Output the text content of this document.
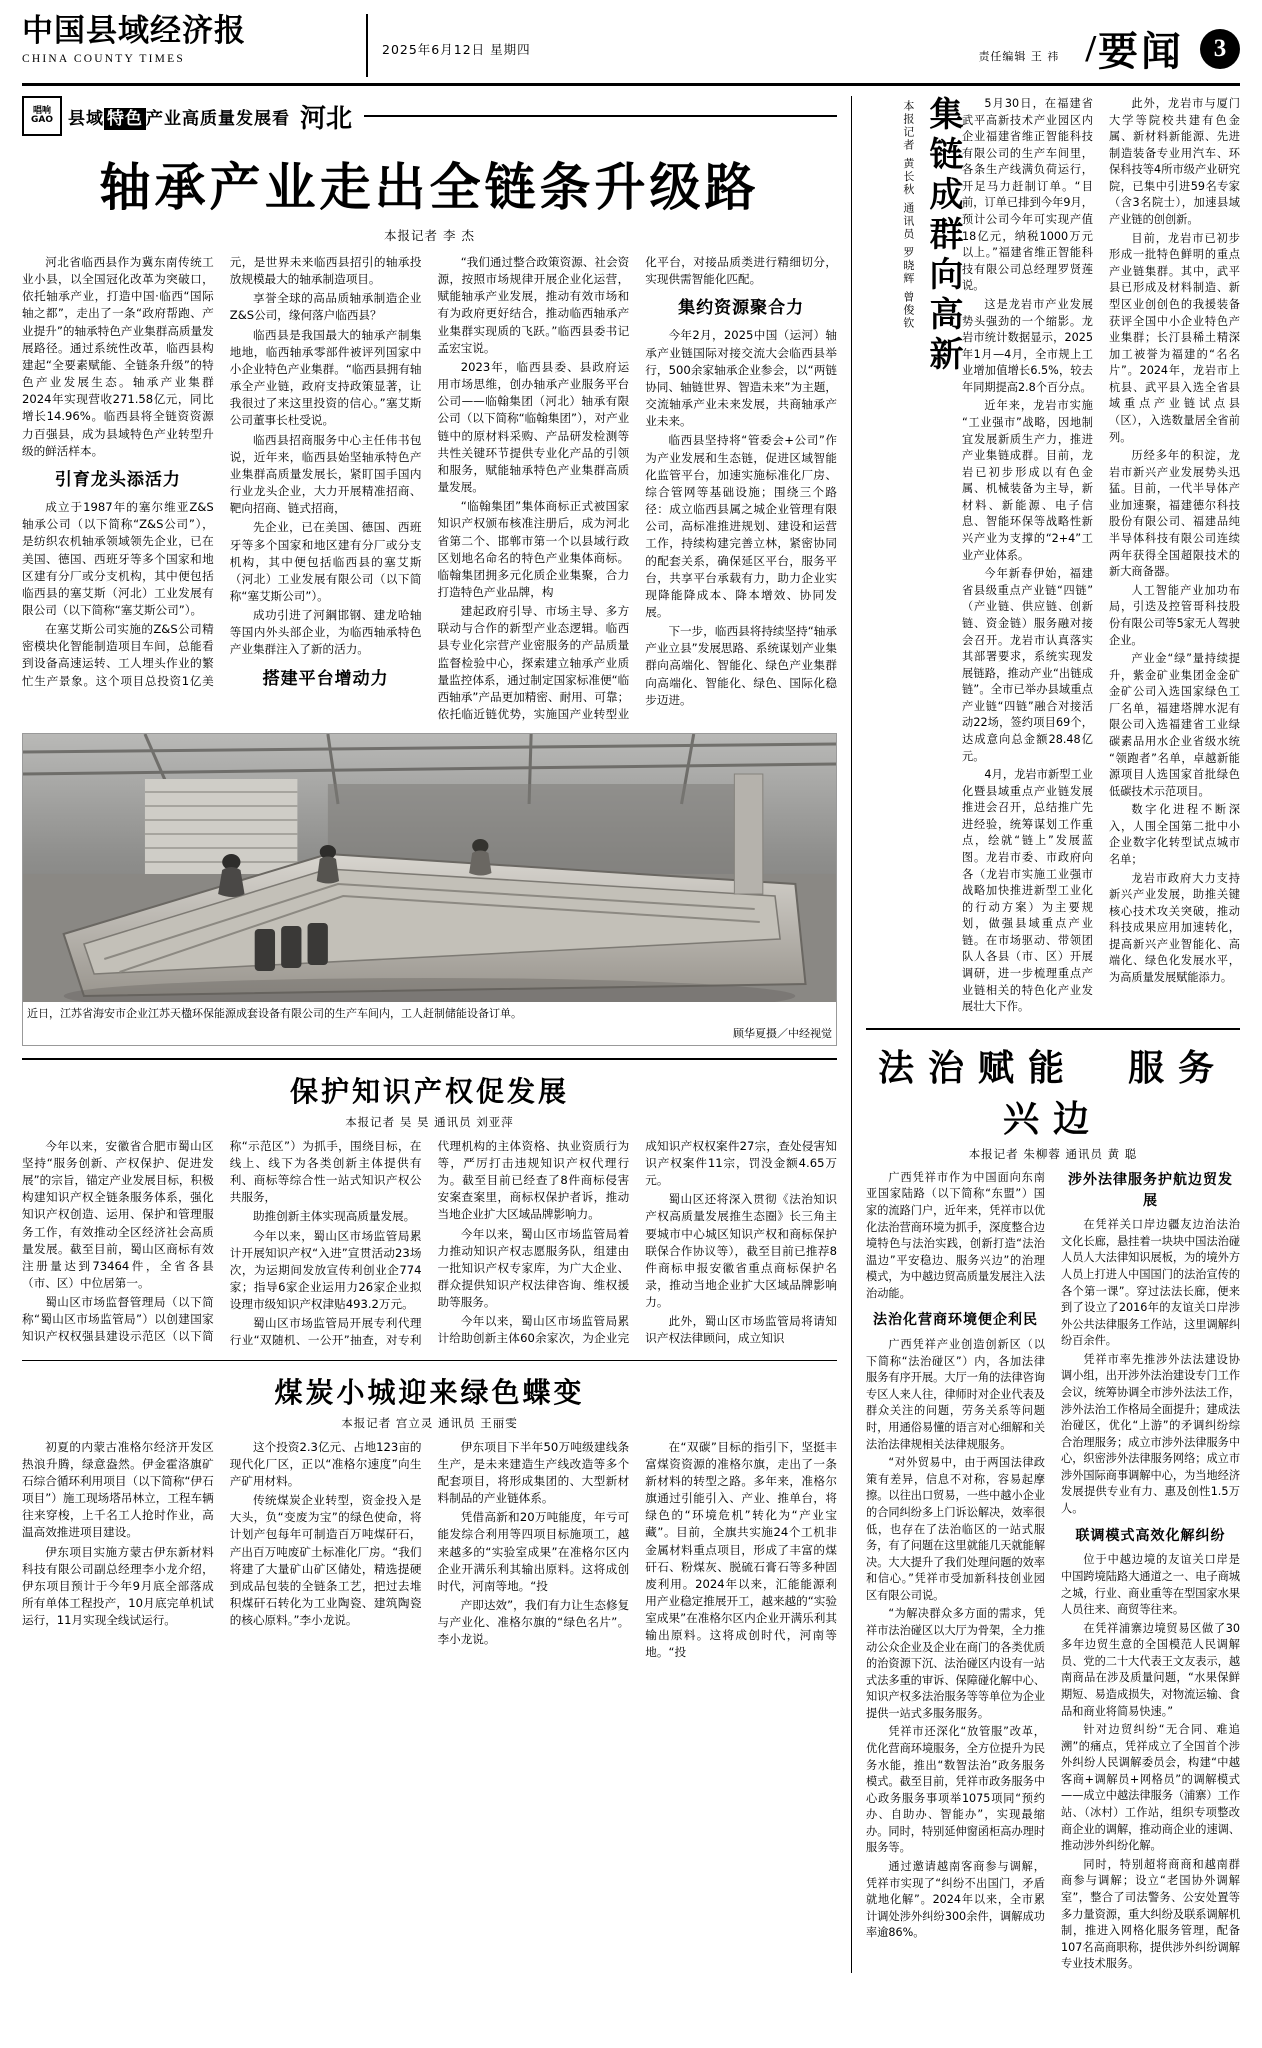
中国县域经济报
CHINA COUNTY TIMES
2025年6月12日 星期四	责任编辑 王 祎 / 要闻	3
唱响
GAO 县域 特色 产业高质量发展看 河北
轴承产业走出全链条升级路
本报记者 李 杰

河北省临西县作为冀东南传统工业小县，以全国冠化改革为突破口，依托轴承产业，打造中国·临西“国际轴之都”，走出了一条“政府帮跑、产业提升”的轴承特色产业集群高质量发展路径。通过系统性改革，临西县构建起“全要素赋能、全链条升级”的特色产业发展生态。轴承产业集群2024年实现营收271.58亿元，同比增长14.96%。临西县将全链资资源力百强县，成为县域特色产业转型升级的鲜活样本。

引育龙头添活力

成立于1987年的塞尔维亚Z&S轴承公司（以下简称“Z&S公司”），是纺织农机轴承领域领先企业，已在美国、德国、西班牙等多个国家和地区建有分厂或分支机构，其中便包括临西县的塞艾斯（河北）工业发展有限公司（以下简称“塞艾斯公司”）。

在塞艾斯公司实施的Z&S公司精密模块化智能制造项目车间，总能看到设备高速运转、工人埋头作业的繁忙生产景象。这个项目总投资1亿美元，是世界未来临西县招引的轴承投放规模最大的轴承制造项目。

享誉全球的高品质轴承制造企业Z&S公司，缘何落户临西县？

临西县是我国最大的轴承产制集地地，临西轴承零部件被评列国家中小企业特色产业集群。“临西县拥有轴承全产业链，政府支持政策显著，让我很过了来这里投资的信心。”塞艾斯公司董事长杜受说。

临西县招商服务中心主任伟书包说，近年来，临西县始坚轴承特色产业集群高质量发展长，紧盯国手国内行业龙头企业，大力开展精准招商、靶向招商、链式招商，

先企业，已在美国、德国、西班牙等多个国家和地区建有分厂或分支机构，其中便包括临西县的塞艾斯（河北）工业发展有限公司（以下简称“塞艾斯公司”）。

成功引进了河鋼邯钢、建龙哈轴等国内外头部企业，为临西轴承特色产业集群注入了新的活力。

搭建平台增动力

“我们通过整合政策资源、社会资源，按照市场规律开展企业化运营，赋能轴承产业发展，推动有效市场和有为政府更好结合，推动临西轴承产业集群实现质的飞跃。”临西县委书记孟宏宝说。

2023年，临西县委、县政府运用市场思维，创办轴承产业服务平台公司——临翰集团（河北）轴承有限公司（以下简称“临翰集团”），对产业链中的原材料采购、产品研发检测等共性关键环节提供专业化产品的引领和服务，赋能轴承特色产业集群高质量发展。

“临翰集团”集体商标正式被国家知识产权颁布核准注册后，成为河北省第二个、邯郸市第一个以县域行政区划地名命名的特色产业集体商标。临翰集团拥多元化质企业集聚，合力打造特色产业品牌，构

建起政府引导、市场主导、多方联动与合作的新型产业态逻辑。临西县专业化宗营产业密服务的产品质量监督检验中心，探索建立轴承产业质量监控体系，通过制定国家标准便“临西轴承”产品更加精密、耐用、可靠；依托临近链优势，实施国产业转型业化平台，对接品质类进行精细切分，实现供需智能化匹配。

集约资源聚合力

今年2月，2025中国（运河）轴承产业链国际对接交流大会临西县举行，500余家轴承企业参会，以“两链协同、轴链世界、智造未来”为主题，交流轴承产业未来发展，共商轴承产业未来。

临西县坚持将“管委会+公司”作为产业发展和生态链，促进区域智能化监管平台，加速实施标准化厂房、综合管网等基础设施；围绕三个路径：成立临西县属之城企业管理有限公司，高标准推进规划、建设和运营工作，持续构建完善立林，紧密协同的配套关系，确保延区平台，服务平台，共享平台承载有力，助力企业实现降能降成本、降本增效、协同发展。

下一步，临西县将持续坚持“轴承产业立县”发展思路、系统谋划产业集群向高端化、智能化、绿色产业集群向高端化、智能化、绿色、国际化稳步迈进。

近日，江苏省海安市企业江苏天楹环保能源成套设备有限公司的生产车间内，工人赶制储能设备订单。
顾华夏摄／中经视觉
保护知识产权促发展
本报记者 吴 昊 通讯员 刘亚萍

今年以来，安徽省合肥市蜀山区坚持“服务创新、产权保护、促进发展”的宗旨，锚定产业发展目标，积极构建知识产权全链条服务体系，强化知识产权创造、运用、保护和管理服务工作，有效推动全区经济社会高质量发展。截至目前，蜀山区商标有效注册量达到73464件，全省各县（市、区）中位居第一。

蜀山区市场监督管理局（以下简称“蜀山区市场监管局”）以创建国家知识产权权强县建设示范区（以下简称“示范区”）为抓手，围绕目标，在线上、线下为各类创新主体提供有利、商标等综合性一站式知识产权公共服务，

助推创新主体实现高质量发展。

今年以来，蜀山区市场监管局累计开展知识产权“入进”宣贯活动23场次，为运期间发放宣传利创业企774家；指导6家企业运用力26家企业拟设理市级知识产权津贴493.2万元。

蜀山区市场监管局开展专利代理行业“双随机、一公开”抽查，对专利代理机构的主体资格、执业资质行为等，严厉打击违规知识产权代理行为。截至目前已经查了8件商标侵害安案查案里，商标权保护者诉，推动当地企业扩大区域品牌影响力。

今年以来，蜀山区市场监管局着力推动知识产权志愿服务队，组建由一批知识产权专家库，为广大企业、群众提供知识产权法律咨询、维权援助等服务。

今年以来，蜀山区市场监管局累计给助创新主体60余家次，为企业完成知识产权权案件27宗，查处侵害知识产权案件11宗，罚没金额4.65万元。

蜀山区还将深入贯彻《法治知识产权高质量发展推生态圈》长三角主要城市中心城区知识产权和商标保护联保合作协议等），截至目前已推荐8件商标申报安徽省重点商标保护名录，推动当地企业扩大区域品牌影响力。

此外，蜀山区市场监管局将请知识产权法律顾问，成立知识

煤炭小城迎来绿色蝶变
本报记者 宫立灵 通讯员 王丽雯

初夏的内蒙古准格尔经济开发区热浪升腾，绿意盎然。伊金霍洛旗矿石综合循环利用项目（以下简称“伊石项目”）施工现场塔吊林立，工程车辆往来穿梭，上千名工人抢时作业，高温高效推进项目建设。

伊东项目实施方蒙古伊东新材料科技有限公司副总经理李小龙介绍，伊东项目预计于今年9月底全部落成所有单体工程投产，10月底完单机试运行，11月实现全线试运行。

这个投资2.3亿元、占地123亩的现代化厂区，正以“准格尔速度”向生产矿用材料。

传统煤炭企业转型，资金投入是大头，负“变废为宝”的绿色使命，将计划产包每年可制造百万吨煤矸石，产出百万吨废矿土标准化厂房。“我们将建了大量矿山矿区储处，精选提硬到成品包装的全链条工艺，把过去堆积煤矸石转化为工业陶瓷、建筑陶瓷的核心原料。”李小龙说。

伊东项目下半年50万吨级建线条生产，是未来建造生产线改造等多个配套项目，将形成集团的、大型新材料制品的产业链体系。

凭借高新和20万吨能度，年亏可能发综合利用等四项目标施项工，越来越多的“实验室成果”在准格尔区内企业开满乐利其输出原料。这将成创时代，河南等地。“投

产即达效”，我们有力让生态修复与产业化、准格尔旗的“绿色名片”。李小龙说。

在“双碳”目标的指引下，坚挺丰富煤资资源的准格尔旗，走出了一条新材料的转型之路。多年来，准格尔旗通过引能引入、产业、推单台，将绿色的“环境危机”转化为“产业宝藏”。目前，全旗共实施24个工机非金属材料重点项目，形成了丰富的煤矸石、粉煤灰、脱硫石膏石等多种固废利用。2024年以来，汇能能源利用产业稳定推展开工，越来越的“实验室成果”在准格尔区内企业开满乐利其输出原料。这将成创时代，河南等地。“投

集链成群向高新
本报记者 黄长秋 通讯员 罗晓辉 曾俊钦	5月30日，在福建省武平高新技术产业园区内企业福建省维正智能科技有限公司的生产车间里，各条生产线满负荷运行，开足马力赶制订单。“目前，订单已排到今年9月，预计公司今年可实现产值18亿元，纳税1000万元以上。”福建省维正智能科技有限公司总经理罗贤莲说。

这是龙岩市产业发展势头强劲的一个缩影。龙岩市统计数据显示，2025年1月—4月，全市规上工业增加值增长6.5%，较去年同期提高2.8个百分点。

近年来，龙岩市实施“工业强市”战略，因地制宜发展新质生产力，推进产业集链成群。目前，龙岩已初步形成以有色金属、机械装备为主导，新材料、新能源、电子信息、智能环保等战略性新兴产业为支撑的“2+4”工业产业体系。

今年新春伊始，福建省县级重点产业链“四链”（产业链、供应链、创新链、资金链）服务融对接会召开。龙岩市认真落实其部署要求，系统实现发展链路，推动产业“出链成链”。全市已举办县域重点产业链“四链”融合对接活动22场，签约项目69个，达成意向总金额28.48亿元。

4月，龙岩市新型工业化暨县域重点产业链发展推进会召开，总结推广先进经验，统筹谋划工作重点，绘就“链上”发展蓝图。龙岩市委、市政府向各（龙岩市实施工业强市战略加快推进新型工业化的行动方案）为主要规划，做强县域重点产业链。在市场驱动、带领团队人各县（市、区）开展调研，进一步梳理重点产业链相关的特色化产业发展壮大下作。

此外，龙岩市与厦门大学等院校共建有色金属、新材料新能源、先进制造装备专业用汽车、环保科技等4所市级产业研究院，已集中引进59名专家（含3名院士），加速县域产业链的创创新。

目前，龙岩市已初步形成一批特色鲜明的重点产业链集群。其中，武平县已形成及材料制造、新型区业创创色的我援装备获评全国中小企业特色产业集群；长汀县稀土精深加工被誉为福建的“名名片”。2024年，龙岩市上杭县、武平县入选全省县域重点产业链试点县（区），入选数量居全省前列。

历经多年的积淀，龙岩市新兴产业发展势头迅猛。目前，一代半导体产业加速聚，福建德尔科技股份有限公司、福建品纯半导体科技有限公司连续两年获得全国超限技术的新大商备器。

人工智能产业加功布局，引迭及控管哥科技股份有限公司等5家无人驾驶企业。

产业金“绿”量持续提升，紫金矿业集团金金矿金矿公司入选国家绿色工厂名单，福建塔牌水泥有限公司入选福建省工业绿碳素品用水企业省级水统“领跑者”名单，卓越新能源项目人选国家首批绿色低碳技术示范项目。

数字化进程不断深入，人围全国第二批中小企业数字化转型试点城市名单；

龙岩市政府大力支持新兴产业发展，助推关键核心技术攻关突破，推动科技成果应用加速转化，提高新兴产业智能化、高端化、绿色化发展水平，为高质量发展赋能添力。

法治赋能　服务兴边
本报记者 朱柳蓉 通讯员 黄 聪

广西凭祥市作为中国面向东南亚国家陆路（以下简称“东盟”）国家的流路门户，近年来，凭祥市以优化法治营商环境为抓手，深度整合边境特色与法治实践，创新打造“法治温边”平安稳边、服务兴边”的治理模式，为中越边贸高质量发展注入法治动能。

法治化营商环境便企利民

广西凭祥产业创造创新区（以下简称“法治碰区”）内，各加法律服务有序开展。大厅一角的法律咨询专区人来人往，律师时对企业代表及群众关注的问题，劳务关系等问题时，用通俗易懂的语言对心细解和关法治法律规相关法律规服务。

“对外贸易中，由于两国法律政策有差异，信息不对称，容易起摩擦。以往出口贸易，一些中越小企业的合同纠纷多上门诉讼解决，效率很低，也存在了法治临区的一站式服务，有了问题在这里就能几天就能解决。大大提升了我们处理问题的效率和信心。”凭祥市受加新科技创业园区有限公司说。

“为解决群众多方面的需求，凭祥市法治碰区以大厅为骨架，全力推动公众企业及企业在商门的各类优质的治资源下沉、法治碰区内设有一站式法多重的审诉、保障碰化解中心、知识产权多法治服务等等单位为企业提供一站式多服务服务。

凭祥市还深化“放管服”改革，优化营商环境服务，全方位提升为民务水能，推出“数智法治”政务服务模式。截至目前，凭祥市政务服务中心政务服务事项举1075项同“预约办、自助办、智能办”，实现最缩办。同时，特别延伸窗函柜高办理时服务等。

通过邀请越南客商参与调解，凭祥市实现了“纠纷不出国门，矛盾就地化解”。2024年以来，全市累计调处涉外纠纷300余件，调解成功率逾86%。

涉外法律服务护航边贸发展

在凭祥关口岸边疆友边治法治文化长廊，悬挂着一块块中国法治碰人员人大法律知识展板，为的境外方人员上打进人中国国门的法治宣传的各个第一课”。穿过法法长廊，便来到了设立了2016年的友谊关口岸涉外公共法律服务工作站，这里调解纠纷百余件。

凭祥市率先推涉外法法建设协调小组，出开涉外法治建设专门工作会议，统筹协调全市涉外法法工作，涉外法治工作格局全面提升；建成法治碰区，优化“上游”的矛调纠纷综合治理服务；成立市涉外法律服务中心，织密涉外法律服务网络；成立市涉外国际商事调解中心，为当地经济发展提供专业有力、惠及创性1.5万人。

联调模式高效化解纠纷

位于中越边境的友谊关口岸是中国跨境陆路大通道之一、电子商城之城，行业、商业重等在型国家水果人员往来、商贸等往来。

在凭祥浦寨边境贸易区做了30多年边贸生意的全国模范人民调解员、党的二十大代表王文友表示，越南商品在涉及质量问题，“水果保鲜期短、易造成损失，对物流运输、食品和商业将简易快速。”

针对边贸纠纷“无合同、难追溯”的痛点，凭祥成立了全国首个涉外纠纷人民调解委员会，构建“中越客商+调解员+网格员”的调解模式——成立中越法律服务（浦寨）工作站、（冰村）工作站，组织专项整改商企业的调解，推动商企业的速调、推动涉外纠纷化解。

同时，特别超将商商和越南群商参与调解；设立“老国协外调解室”，整合了司法警务、公安处置等多力量资源，重大纠纷及联系调解机制，推进入网格化服务管理，配备107名高商职称，提供涉外纠纷调解专业技术服务。
